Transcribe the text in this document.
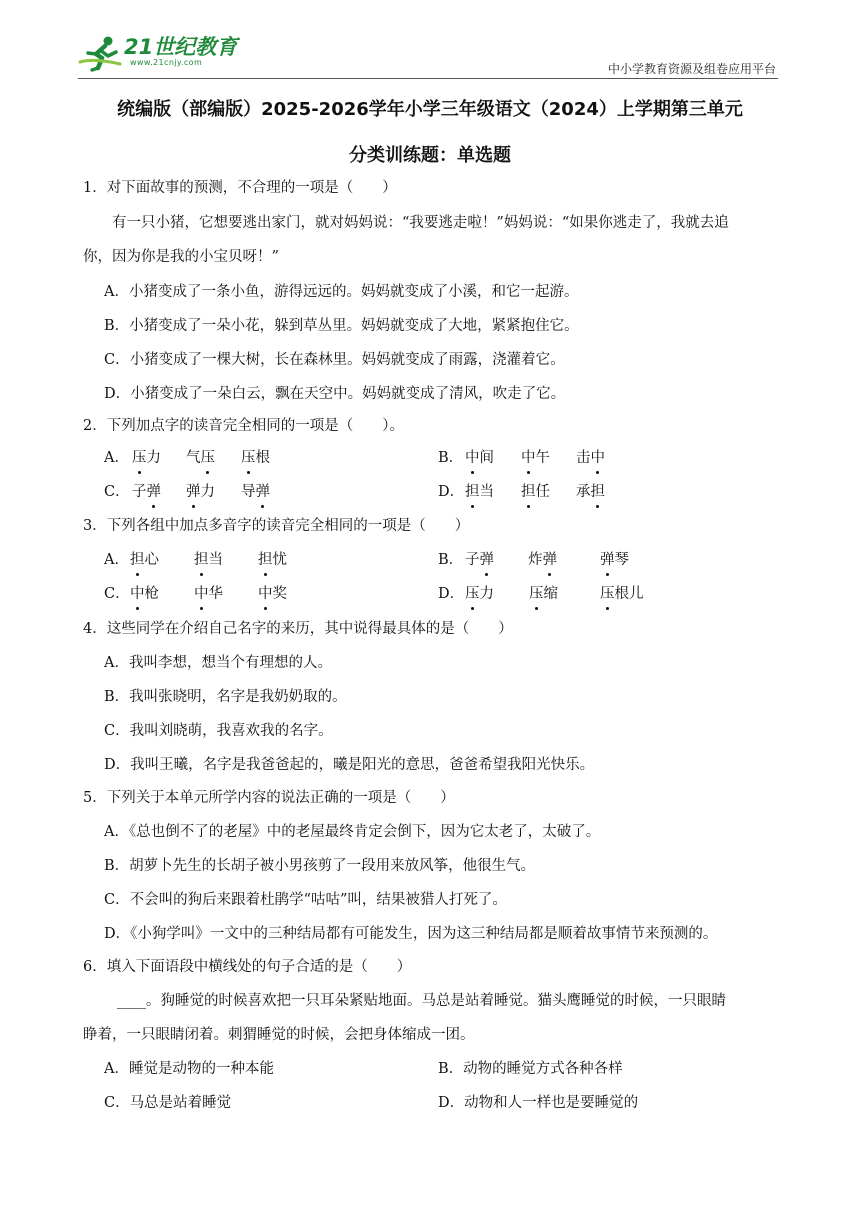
21世纪教育
www.21cnjy.com	中小学教育资源及组卷应用平台
统编版（部编版）2025-2026学年小学三年级语文（2024）上学期第三单元
分类训练题：单选题
1．对下面故事的预测，不合理的一项是（　　）
有一只小猪，它想要逃出家门，就对妈妈说：“我要逃走啦！”妈妈说：“如果你逃走了，我就去追
你，因为你是我的小宝贝呀！”
A．小猪变成了一条小鱼，游得远远的。妈妈就变成了小溪，和它一起游。
B．小猪变成了一朵小花，躲到草丛里。妈妈就变成了大地，紧紧抱住它。
C．小猪变成了一棵大树，长在森林里。妈妈就变成了雨露，浇灌着它。
D．小猪变成了一朵白云，飘在天空中。妈妈就变成了清风，吹走了它。
2．下列加点字的读音完全相同的一项是（　　）。
A． 压力 气压 压根	B． 中间 中午 击中
C． 子弹 弹力 导弹	D． 担当 担任 承担
3．下列各组中加点多音字的读音完全相同的一项是（　　）
A． 担心 担当 担忧	B． 子弹 炸弹	弹琴
C． 中枪 中华 中奖	D． 压力 压缩	压根儿
4．这些同学在介绍自己名字的来历，其中说得最具体的是（　　）
A．我叫李想，想当个有理想的人。
B．我叫张晓明，名字是我奶奶取的。
C．我叫刘晓萌，我喜欢我的名字。
D．我叫王曦，名字是我爸爸起的，曦是阳光的意思，爸爸希望我阳光快乐。
5．下列关于本单元所学内容的说法正确的一项是（　　）
A．《总也倒不了的老屋》中的老屋最终肯定会倒下，因为它太老了，太破了。
B．胡萝卜先生的长胡子被小男孩剪了一段用来放风筝，他很生气。
C．不会叫的狗后来跟着杜鹃学“咕咕”叫，结果被猎人打死了。
D．《小狗学叫》一文中的三种结局都有可能发生，因为这三种结局都是顺着故事情节来预测的。
6．填入下面语段中横线处的句子合适的是（　　）
____。狗睡觉的时候喜欢把一只耳朵紧贴地面。马总是站着睡觉。猫头鹰睡觉的时候，一只眼睛
睁着，一只眼睛闭着。刺猬睡觉的时候，会把身体缩成一团。
A．睡觉是动物的一种本能	B．动物的睡觉方式各种各样
C．马总是站着睡觉	D．动物和人一样也是要睡觉的
